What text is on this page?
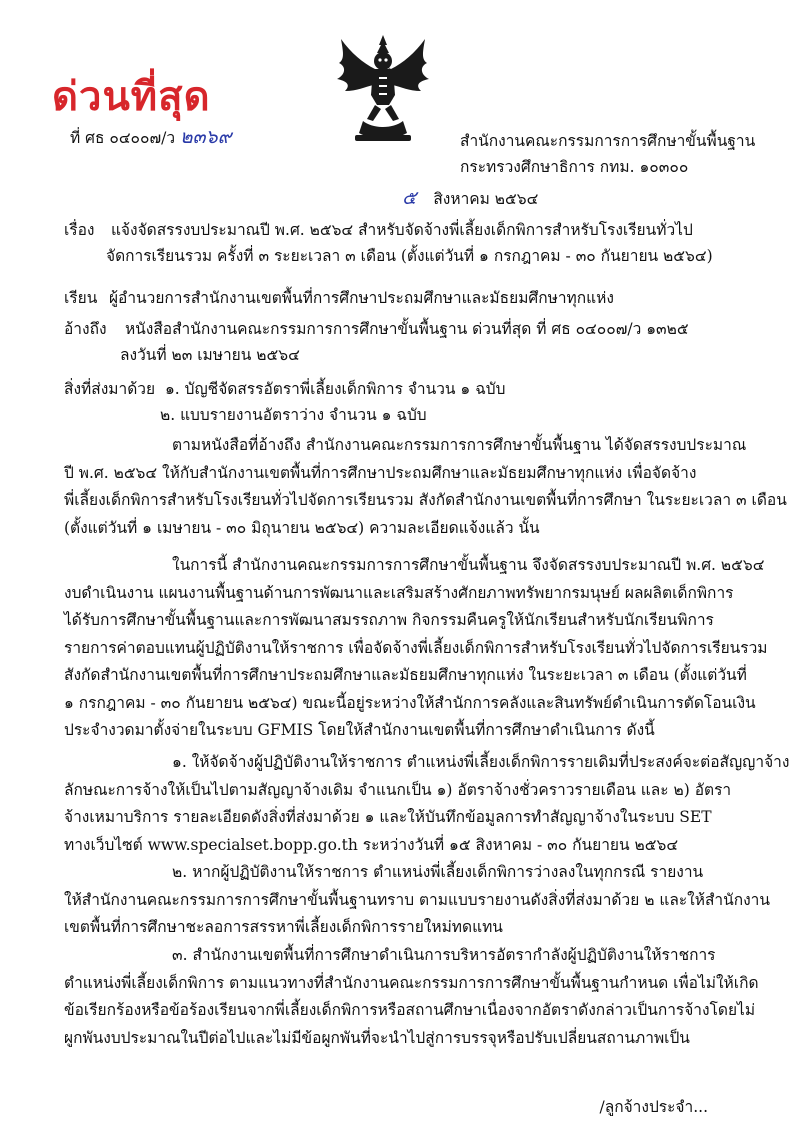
ด่วนที่สุด
ที่ ศธ ๐๔๐๐๗/ว ๒๓๖๙	สำนักงานคณะกรรมการการศึกษาขั้นพื้นฐาน
กระทรวงศึกษาธิการ กทม. ๑๐๓๐๐
๕ สิงหาคม ๒๕๖๔
เรื่อง แจ้งจัดสรรงบประมาณปี พ.ศ. ๒๕๖๔ สำหรับจัดจ้างพี่เลี้ยงเด็กพิการสำหรับโรงเรียนทั่วไป
จัดการเรียนรวม ครั้งที่ ๓ ระยะเวลา ๓ เดือน (ตั้งแต่วันที่ ๑ กรกฎาคม - ๓๐ กันยายน ๒๕๖๔)
เรียน ผู้อำนวยการสำนักงานเขตพื้นที่การศึกษาประถมศึกษาและมัธยมศึกษาทุกแห่ง
อ้างถึง หนังสือสำนักงานคณะกรรมการการศึกษาขั้นพื้นฐาน ด่วนที่สุด ที่ ศธ ๐๔๐๐๗/ว ๑๓๒๕
ลงวันที่ ๒๓ เมษายน ๒๕๖๔
สิ่งที่ส่งมาด้วย ๑. บัญชีจัดสรรอัตราพี่เลี้ยงเด็กพิการ จำนวน ๑ ฉบับ
๒. แบบรายงานอัตราว่าง จำนวน ๑ ฉบับ
ตามหนังสือที่อ้างถึง สำนักงานคณะกรรมการการศึกษาขั้นพื้นฐาน ได้จัดสรรงบประมาณ
ปี พ.ศ. ๒๕๖๔ ให้กับสำนักงานเขตพื้นที่การศึกษาประถมศึกษาและมัธยมศึกษาทุกแห่ง เพื่อจัดจ้าง
พี่เลี้ยงเด็กพิการสำหรับโรงเรียนทั่วไปจัดการเรียนรวม สังกัดสำนักงานเขตพื้นที่การศึกษา ในระยะเวลา ๓ เดือน
(ตั้งแต่วันที่ ๑ เมษายน - ๓๐ มิถุนายน ๒๕๖๔) ความละเอียดแจ้งแล้ว นั้น
ในการนี้ สำนักงานคณะกรรมการการศึกษาขั้นพื้นฐาน จึงจัดสรรงบประมาณปี พ.ศ. ๒๕๖๔
งบดำเนินงาน แผนงานพื้นฐานด้านการพัฒนาและเสริมสร้างศักยภาพทรัพยากรมนุษย์ ผลผลิตเด็กพิการ
ได้รับการศึกษาขั้นพื้นฐานและการพัฒนาสมรรถภาพ กิจกรรมคืนครูให้นักเรียนสำหรับนักเรียนพิการ
รายการค่าตอบแทนผู้ปฏิบัติงานให้ราชการ เพื่อจัดจ้างพี่เลี้ยงเด็กพิการสำหรับโรงเรียนทั่วไปจัดการเรียนรวม
สังกัดสำนักงานเขตพื้นที่การศึกษาประถมศึกษาและมัธยมศึกษาทุกแห่ง ในระยะเวลา ๓ เดือน (ตั้งแต่วันที่
๑ กรกฎาคม - ๓๐ กันยายน ๒๕๖๔) ขณะนี้อยู่ระหว่างให้สำนักการคลังและสินทรัพย์ดำเนินการตัดโอนเงิน
ประจำงวดมาตั้งจ่ายในระบบ GFMIS โดยให้สำนักงานเขตพื้นที่การศึกษาดำเนินการ ดังนี้
๑. ให้จัดจ้างผู้ปฏิบัติงานให้ราชการ ตำแหน่งพี่เลี้ยงเด็กพิการรายเดิมที่ประสงค์จะต่อสัญญาจ้าง
ลักษณะการจ้างให้เป็นไปตามสัญญาจ้างเดิม จำแนกเป็น ๑) อัตราจ้างชั่วคราวรายเดือน และ ๒) อัตรา
จ้างเหมาบริการ รายละเอียดดังสิ่งที่ส่งมาด้วย ๑ และให้บันทึกข้อมูลการทำสัญญาจ้างในระบบ SET
ทางเว็บไซต์ www.specialset.bopp.go.th ระหว่างวันที่ ๑๕ สิงหาคม - ๓๐ กันยายน ๒๕๖๔
๒. หากผู้ปฏิบัติงานให้ราชการ ตำแหน่งพี่เลี้ยงเด็กพิการว่างลงในทุกกรณี รายงาน
ให้สำนักงานคณะกรรมการการศึกษาขั้นพื้นฐานทราบ ตามแบบรายงานดังสิ่งที่ส่งมาด้วย ๒ และให้สำนักงาน
เขตพื้นที่การศึกษาชะลอการสรรหาพี่เลี้ยงเด็กพิการรายใหม่ทดแทน
๓. สำนักงานเขตพื้นที่การศึกษาดำเนินการบริหารอัตรากำลังผู้ปฏิบัติงานให้ราชการ
ตำแหน่งพี่เลี้ยงเด็กพิการ ตามแนวทางที่สำนักงานคณะกรรมการการศึกษาขั้นพื้นฐานกำหนด เพื่อไม่ให้เกิด
ข้อเรียกร้องหรือข้อร้องเรียนจากพี่เลี้ยงเด็กพิการหรือสถานศึกษาเนื่องจากอัตราดังกล่าวเป็นการจ้างโดยไม่
ผูกพันงบประมาณในปีต่อไปและไม่มีข้อผูกพันที่จะนำไปสู่การบรรจุหรือปรับเปลี่ยนสถานภาพเป็น
/ลูกจ้างประจำ...
